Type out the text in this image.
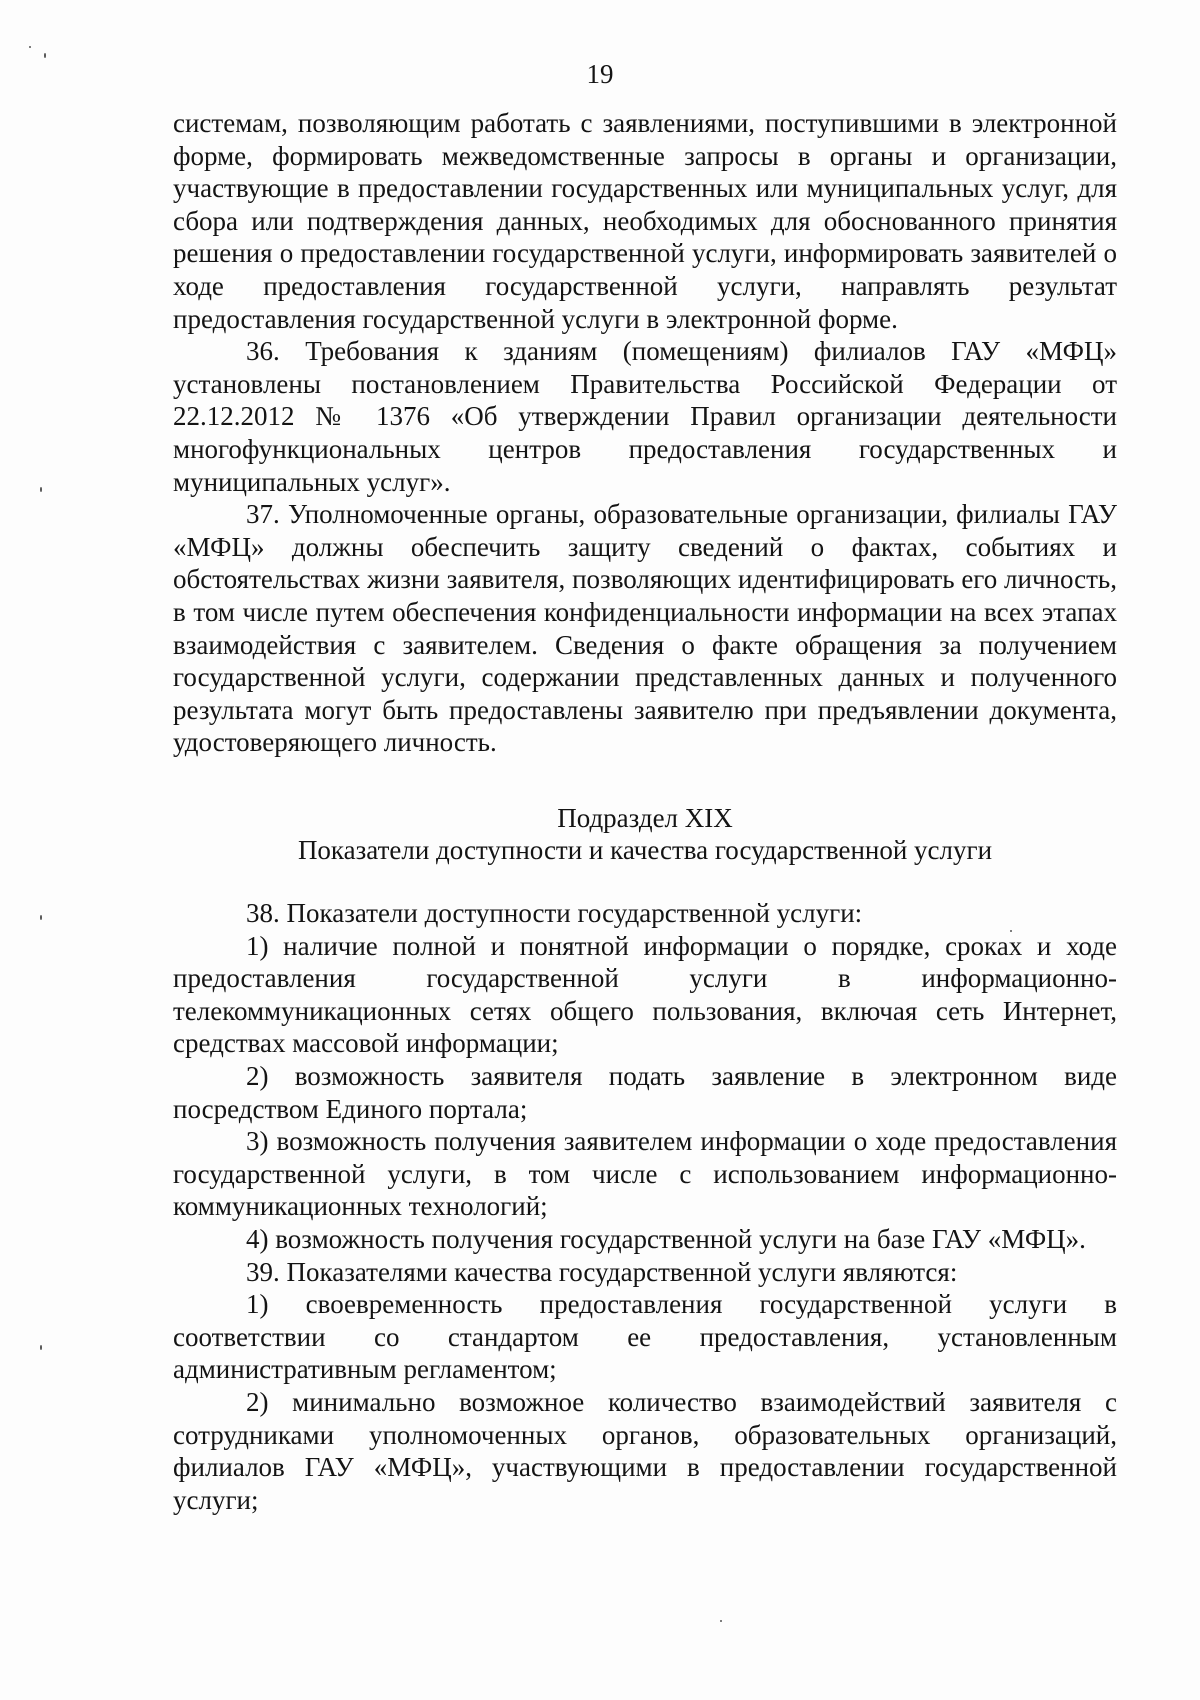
19

системам, позволяющим работать с заявлениями, поступившими в электронной форме, формировать межведомственные запросы в органы и организации, участвующие в предоставлении государственных или муниципальных услуг, для сбора или подтверждения данных, необходимых для обоснованного принятия решения о предоставлении государственной услуги, информировать заявителей о ходе предоставления государственной услуги, направлять результат предоставления государственной услуги в электронной форме.

36. Требования к зданиям (помещениям) филиалов ГАУ «МФЦ» установлены постановлением Правительства Российской Федерации от 22.12.2012 № 1376 «Об утверждении Правил организации деятельности многофункциональных центров предоставления государственных и муниципальных услуг».

37. Уполномоченные органы, образовательные организации, филиалы ГАУ «МФЦ» должны обеспечить защиту сведений о фактах, событиях и обстоятельствах жизни заявителя, позволяющих идентифицировать его личность, в том числе путем обеспечения конфиденциальности информации на всех этапах взаимодействия с заявителем. Сведения о факте обращения за получением государственной услуги, содержании представленных данных и полученного результата могут быть предоставлены заявителю при предъявлении документа, удостоверяющего личность.

Подраздел XIX
Показатели доступности и качества государственной услуги

38. Показатели доступности государственной услуги:

1) наличие полной и понятной информации о порядке, сроках и ходе предоставления государственной услуги в информационно-телекоммуникационных сетях общего пользования, включая сеть Интернет, средствах массовой информации;

2) возможность заявителя подать заявление в электронном виде посредством Единого портала;

3) возможность получения заявителем информации о ходе предоставления государственной услуги, в том числе с использованием информационно-коммуникационных технологий;

4) возможность получения государственной услуги на базе ГАУ «МФЦ».

39. Показателями качества государственной услуги являются:

1) своевременность предоставления государственной услуги в соответствии со стандартом ее предоставления, установленным административным регламентом;

2) минимально возможное количество взаимодействий заявителя с сотрудниками уполномоченных органов, образовательных организаций, филиалов ГАУ «МФЦ», участвующими в предоставлении государственной услуги;
